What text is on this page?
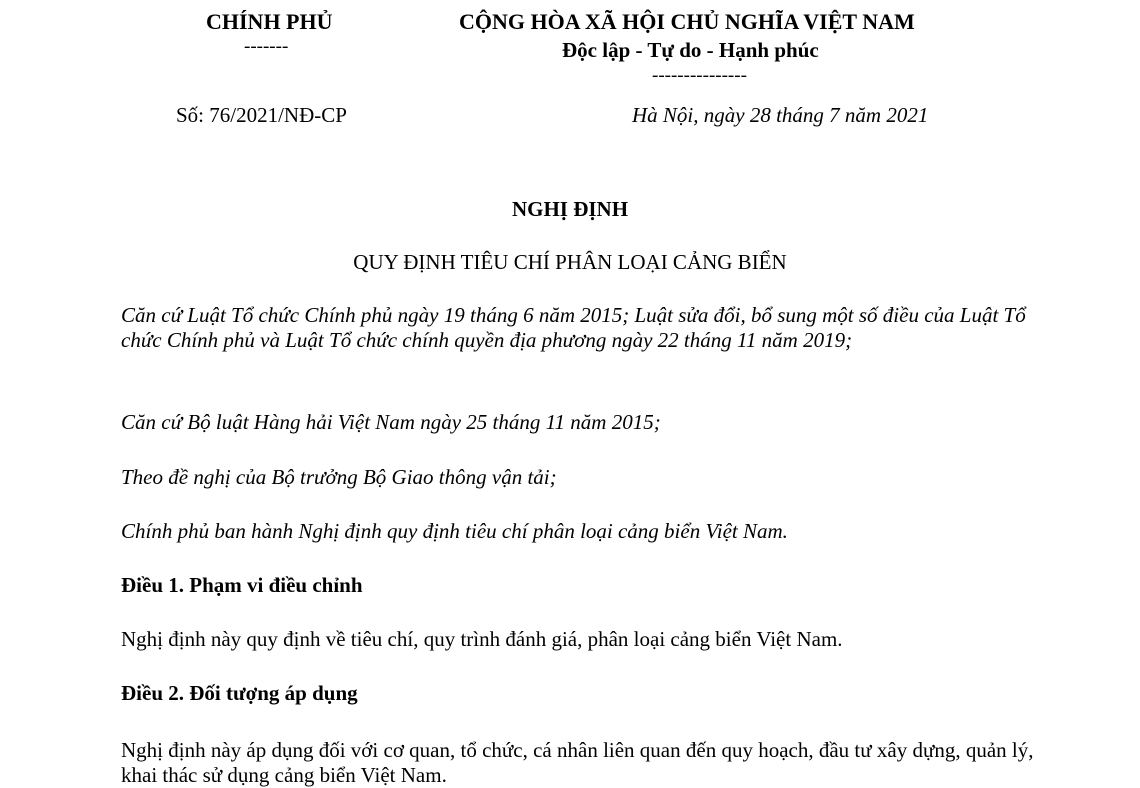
CHÍNH PHỦ
-------
CỘNG HÒA XÃ HỘI CHỦ NGHĨA VIỆT NAM
Độc lập - Tự do - Hạnh phúc
---------------
Số: 76/2021/NĐ-CP	Hà Nội, ngày 28 tháng 7 năm 2021
NGHỊ ĐỊNH
QUY ĐỊNH TIÊU CHÍ PHÂN LOẠI CẢNG BIỂN
Căn cứ Luật Tổ chức Chính phủ ngày 19 tháng 6 năm 2015; Luật sửa đổi, bổ sung một số điều của Luật Tổ chức Chính phủ và Luật Tổ chức chính quyền địa phương ngày 22 tháng 11 năm 2019;
Căn cứ Bộ luật Hàng hải Việt Nam ngày 25 tháng 11 năm 2015;
Theo đề nghị của Bộ trưởng Bộ Giao thông vận tải;
Chính phủ ban hành Nghị định quy định tiêu chí phân loại cảng biển Việt Nam.
Điều 1. Phạm vi điều chỉnh
Nghị định này quy định về tiêu chí, quy trình đánh giá, phân loại cảng biển Việt Nam.
Điều 2. Đối tượng áp dụng
Nghị định này áp dụng đối với cơ quan, tổ chức, cá nhân liên quan đến quy hoạch, đầu tư xây dựng, quản lý, khai thác sử dụng cảng biển Việt Nam.
